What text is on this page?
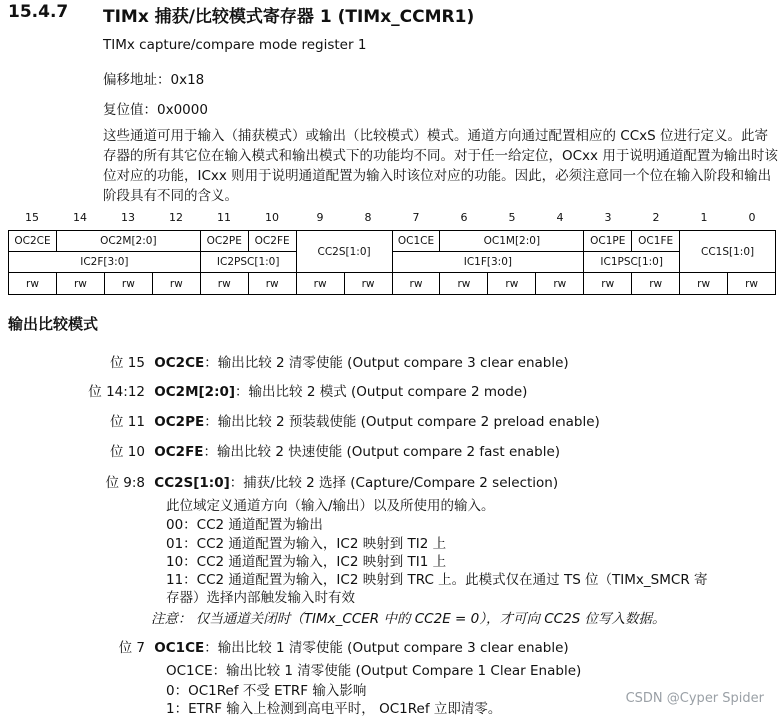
15.4.7 TIMx 捕获/比较模式寄存器 1 (TIMx_CCMR1)
TIMx capture/compare mode register 1
偏移地址：0x18
复位值：0x0000
这些通道可用于输入（捕获模式）或输出（比较模式）模式。通道方向通过配置相应的 CCxS 位进行定义。此寄存器的所有其它位在输入模式和输出模式下的功能均不同。对于任一给定位，OCxx 用于说明通道配置为输出时该位对应的功能，ICxx 则用于说明通道配置为输入时该位对应的功能。因此，必须注意同一个位在输入阶段和输出阶段具有不同的含义。
15	14	13	12	11	10	9	8	7	6	5	4	3	2	1	0
OC2CE	OC2M[2:0]			OC2PE	OC2FE	CC2S[1:0]		OC1CE	OC1M[2:0]			OC1PE	OC1FE	CC1S[1:0]	
IC2F[3:0]				IC2PSC[1:0]				IC1F[3:0]				IC1PSC[1:0]			
rw	rw	rw	rw	rw	rw	rw	rw	rw	rw	rw	rw	rw	rw	rw	rw
输出比较模式
位 15 OC2CE：输出比较 2 清零使能 (Output compare 3 clear enable)
位 14:12 OC2M[2:0]：输出比较 2 模式 (Output compare 2 mode)
位 11 OC2PE：输出比较 2 预装载使能 (Output compare 2 preload enable)
位 10 OC2FE：输出比较 2 快速使能 (Output compare 2 fast enable)
位 9:8 CC2S[1:0]：捕获/比较 2 选择 (Capture/Compare 2 selection)
此位域定义通道方向（输入/输出）以及所使用的输入。
00：CC2 通道配置为输出
01：CC2 通道配置为输入，IC2 映射到 TI2 上
10：CC2 通道配置为输入，IC2 映射到 TI1 上
11：CC2 通道配置为输入，IC2 映射到 TRC 上。此模式仅在通过 TS 位（TIMx_SMCR 寄
存器）选择内部触发输入时有效
注意： 仅当通道关闭时（TIMx_CCER 中的 CC2E = 0），才可向 CC2S 位写入数据。
位 7 OC1CE：输出比较 1 清零使能 (Output compare 3 clear enable)
OC1CE：输出比较 1 清零使能 (Output Compare 1 Clear Enable)
0：OC1Ref 不受 ETRF 输入影响
1：ETRF 输入上检测到高电平时， OC1Ref 立即清零。
CSDN @Cyper Spider
